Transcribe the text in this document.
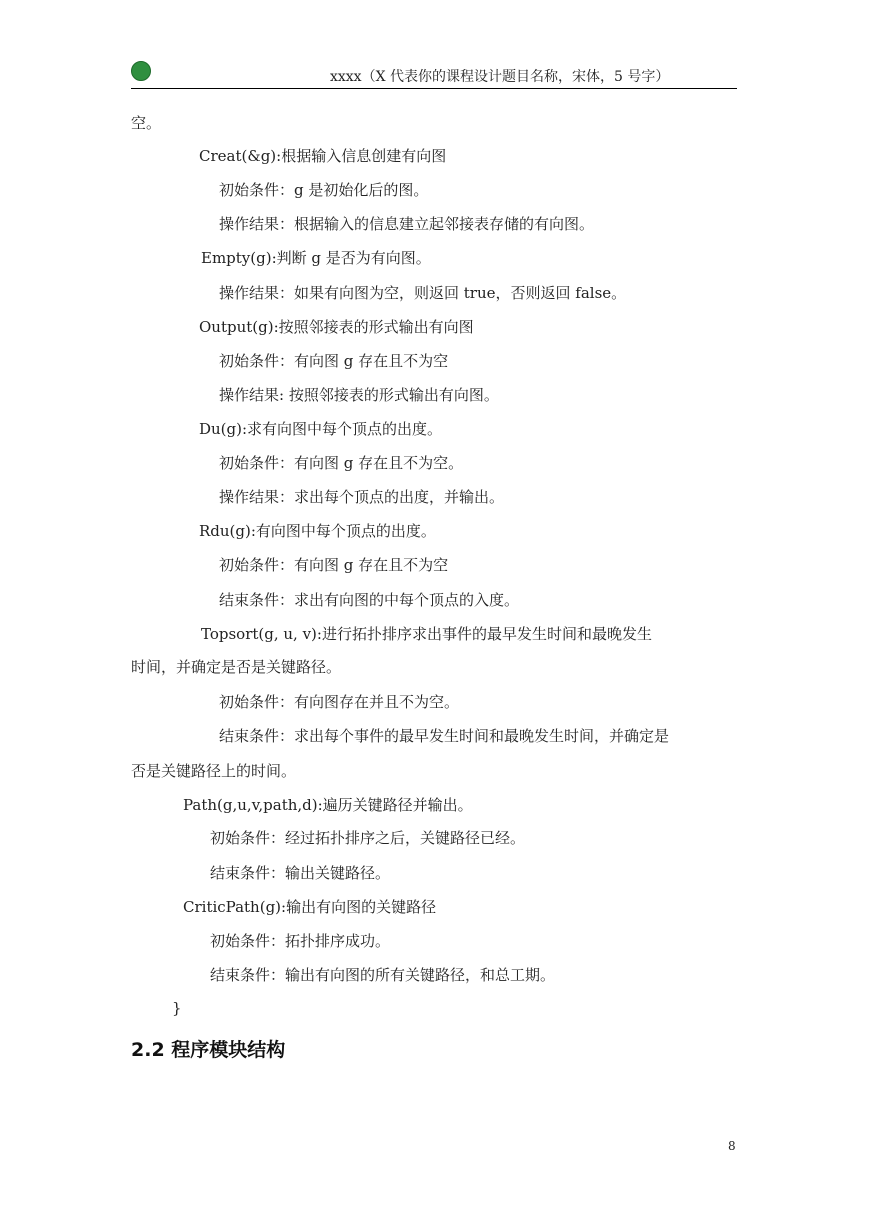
xxxx（X 代表你的课程设计题目名称，宋体，5 号字）
空。
Creat(&g):根据输入信息创建有向图
初始条件：g 是初始化后的图。
操作结果：根据输入的信息建立起邻接表存储的有向图。
Empty(g):判断 g 是否为有向图。
操作结果：如果有向图为空，则返回 true，否则返回 false。
Output(g):按照邻接表的形式输出有向图
初始条件：有向图 g 存在且不为空
操作结果: 按照邻接表的形式输出有向图。
Du(g):求有向图中每个顶点的出度。
初始条件：有向图 g 存在且不为空。
操作结果：求出每个顶点的出度，并输出。
Rdu(g):有向图中每个顶点的出度。
初始条件：有向图 g 存在且不为空
结束条件：求出有向图的中每个顶点的入度。
Topsort(g, u, v):进行拓扑排序求出事件的最早发生时间和最晚发生
时间，并确定是否是关键路径。
初始条件：有向图存在并且不为空。
结束条件：求出每个事件的最早发生时间和最晚发生时间，并确定是
否是关键路径上的时间。
Path(g,u,v,path,d):遍历关键路径并输出。
初始条件：经过拓扑排序之后，关键路径已经。
结束条件：输出关键路径。
CriticPath(g):输出有向图的关键路径
初始条件：拓扑排序成功。
结束条件：输出有向图的所有关键路径，和总工期。
}
2.2 程序模块结构
8
